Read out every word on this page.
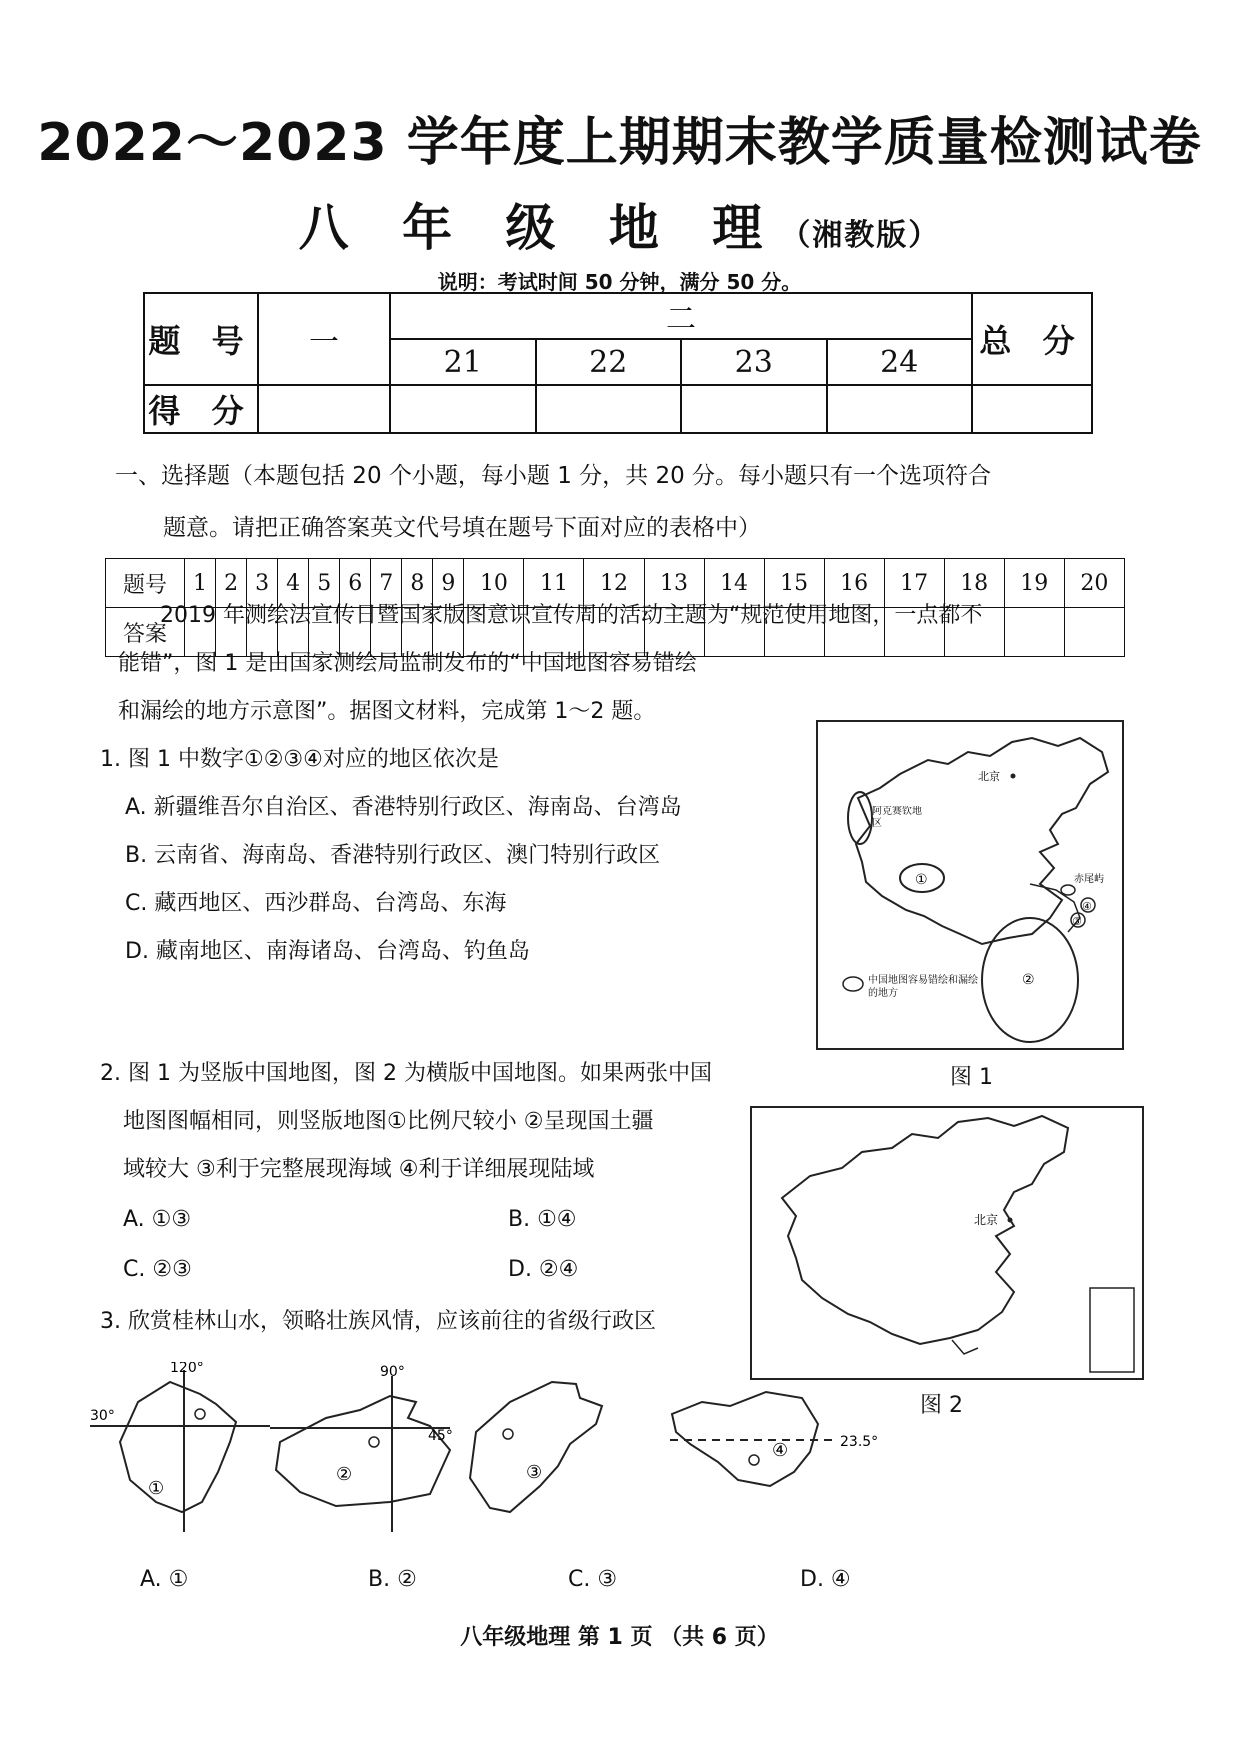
2022～2023 学年度上期期末教学质量检测试卷
八 年 级 地 理（湘教版）
说明：考试时间 50 分钟，满分 50 分。
题 号	一	二				总 分
		21	22	23	24	
得 分						
一、选择题（本题包括 20 个小题，每小题 1 分，共 20 分。每小题只有一个选项符合
题意。请把正确答案英文代号填在题号下面对应的表格中）
题号	1	2	3	4	5	6	7	8	9	10	11	12	13	14	15	16	17	18	19	20
答案																				
2019 年测绘法宣传日暨国家版图意识宣传周的活动主题为“规范使用地图，一点都不
能错”，图 1 是由国家测绘局监制发布的“中国地图容易错绘
和漏绘的地方示意图”。据图文材料，完成第 1～2 题。
1. 图 1 中数字①②③④对应的地区依次是
A. 新疆维吾尔自治区、香港特别行政区、海南岛、台湾岛
B. 云南省、海南岛、香港特别行政区、澳门特别行政区
C. 藏西地区、西沙群岛、台湾岛、东海
D. 藏南地区、南海诸岛、台湾岛、钓鱼岛
北京
阿克赛钦地区
赤尾屿
①
②
③
④
中国地图容易错绘和漏绘的地方
图 1
2. 图 1 为竖版中国地图，图 2 为横版中国地图。如果两张中国
地图图幅相同，则竖版地图①比例尺较小 ②呈现国土疆
域较大 ③利于完整展现海域 ④利于详细展现陆域
A. ①③	B. ①④
C. ②③	D. ②④
北京
图 2
3. 欣赏桂林山水，领略壮族风情，应该前往的省级行政区
120°
30°
①
90°
45°
②	③
23.5°
④
A. ①	B. ②	C. ③	D. ④
八年级地理 第 1 页 （共 6 页）
